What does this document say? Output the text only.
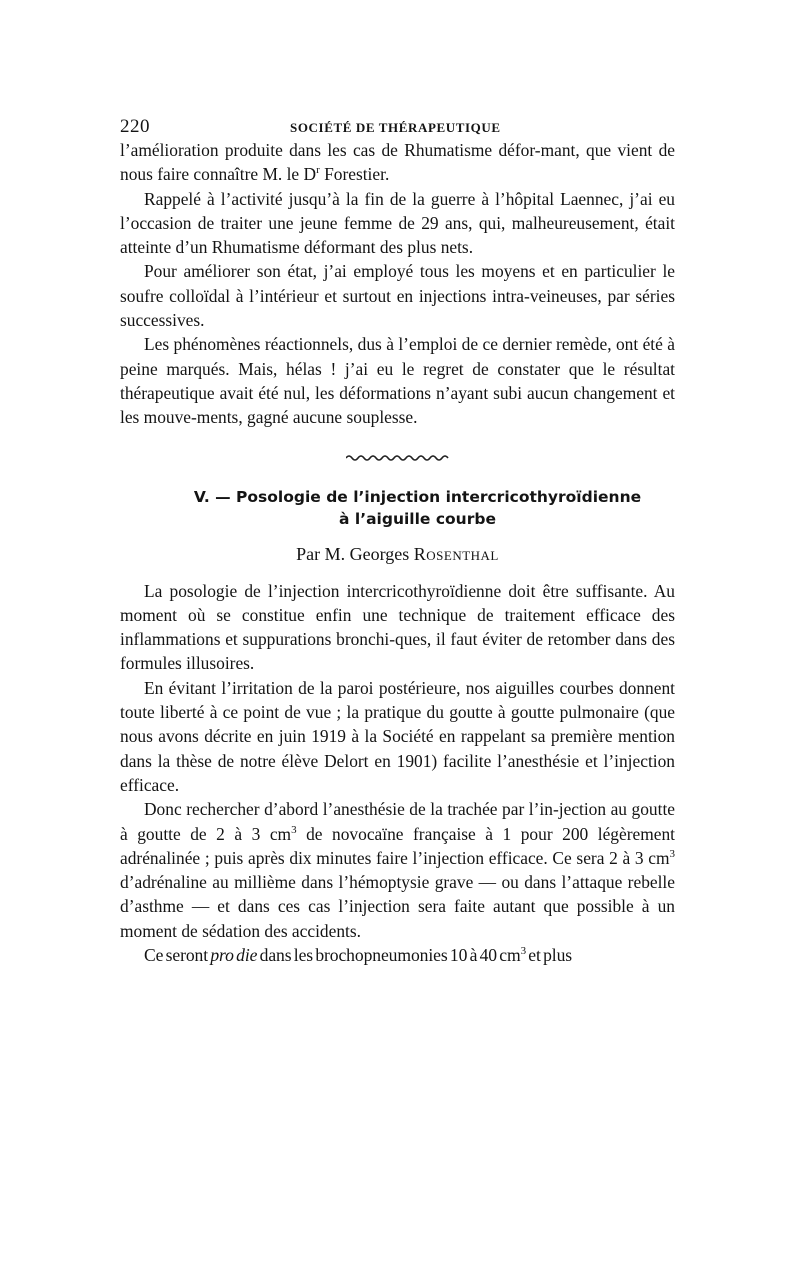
220	SOCIÉTÉ DE THÉRAPEUTIQUE

l’amélioration produite dans les cas de Rhumatisme défor-mant, que vient de nous faire connaître M. le $D^r$ Forestier.

Rappelé à l’activité jusqu’à la fin de la guerre à l’hôpital Laennec, j’ai eu l’occasion de traiter une jeune femme de 29 ans, qui, malheureusement, était atteinte d’un Rhumatisme déformant des plus nets.

Pour améliorer son état, j’ai employé tous les moyens et en particulier le soufre colloïdal à l’intérieur et surtout en injections intra-veineuses, par séries successives.

Les phénomènes réactionnels, dus à l’emploi de ce dernier remède, ont été à peine marqués. Mais, hélas ! j’ai eu le regret de constater que le résultat thérapeutique avait été nul, les déformations n’ayant subi aucun changement et les mouve-ments, gagné aucune souplesse.

V. — Posologie de l’injection intercricothyroïdienne
à l’aiguille courbe
Par M. Georges Rosenthal

La posologie de l’injection intercricothyroïdienne doit être suffisante. Au moment où se constitue enfin une technique de traitement efficace des inflammations et suppurations bronchi-ques, il faut éviter de retomber dans des formules illusoires.

En évitant l’irritation de la paroi postérieure, nos aiguilles courbes donnent toute liberté à ce point de vue ; la pratique du goutte à goutte pulmonaire (que nous avons décrite en juin 1919 à la Société en rappelant sa première mention dans la thèse de notre élève Delort en 1901) facilite l’anesthésie et l’injection efficace.

Donc rechercher d’abord l’anesthésie de la trachée par l’in-jection au goutte à goutte de 2 à 3 $cm^3$ de novocaïne française à 1 pour 200 légèrement adrénalinée ; puis après dix minutes faire l’injection efficace. Ce sera 2 à 3 $cm^3$ d’adrénaline au millième dans l’hémoptysie grave — ou dans l’attaque rebelle d’asthme — et dans ces cas l’injection sera faite autant que possible à un moment de sédation des accidents.

Ce seront pro die dans les brochopneumonies 10 à 40 $cm^3$ et plus
